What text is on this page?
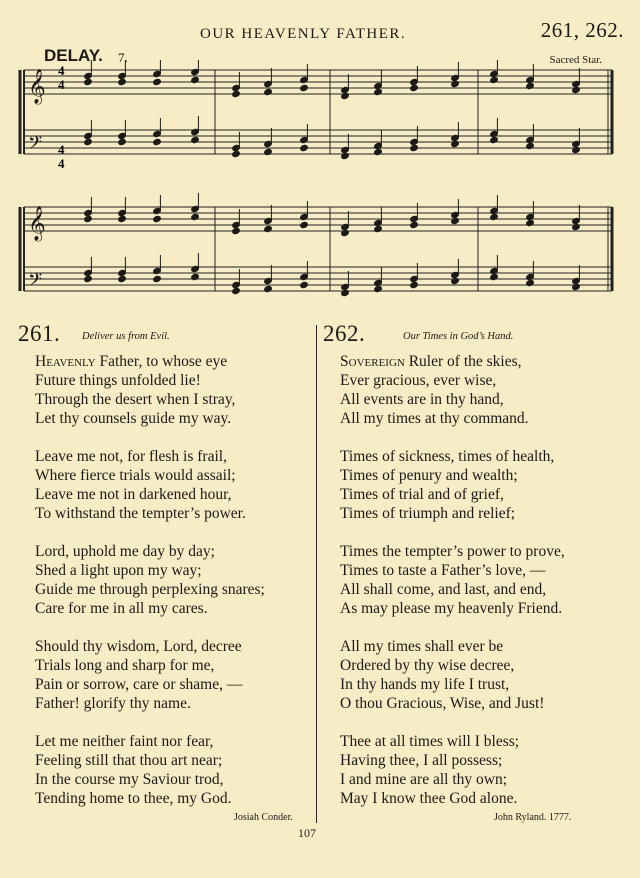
OUR HEAVENLY FATHER.	261, 262.
DELAY. 7.	Sacred Star.
𝄞
𝄢
𝄞
𝄢
4
4
4
4
261. Deliver us from Evil.
Heavenly Father, to whose eye
Future things unfolded lie!
Through the desert when I stray,
Let thy counsels guide my way.
Leave me not, for flesh is frail,
Where fierce trials would assail;
Leave me not in darkened hour,
To withstand the tempter’s power.
Lord, uphold me day by day;
Shed a light upon my way;
Guide me through perplexing snares;
Care for me in all my cares.
Should thy wisdom, Lord, decree
Trials long and sharp for me,
Pain or sorrow, care or shame, —
Father! glorify thy name.
Let me neither faint nor fear,
Feeling still that thou art near;
In the course my Saviour trod,
Tending home to thee, my God.
262.	Our Times in God’s Hand.
Sovereign Ruler of the skies,
Ever gracious, ever wise,
All events are in thy hand,
All my times at thy command.
Times of sickness, times of health,
Times of penury and wealth;
Times of trial and of grief,
Times of triumph and relief;
Times the tempter’s power to prove,
Times to taste a Father’s love, —
All shall come, and last, and end,
As may please my heavenly Friend.
All my times shall ever be
Ordered by thy wise decree,
In thy hands my life I trust,
O thou Gracious, Wise, and Just!
Thee at all times will I bless;
Having thee, I all possess;
I and mine are all thy own;
May I know thee God alone.
Josiah Conder.	John Ryland. 1777.
107
